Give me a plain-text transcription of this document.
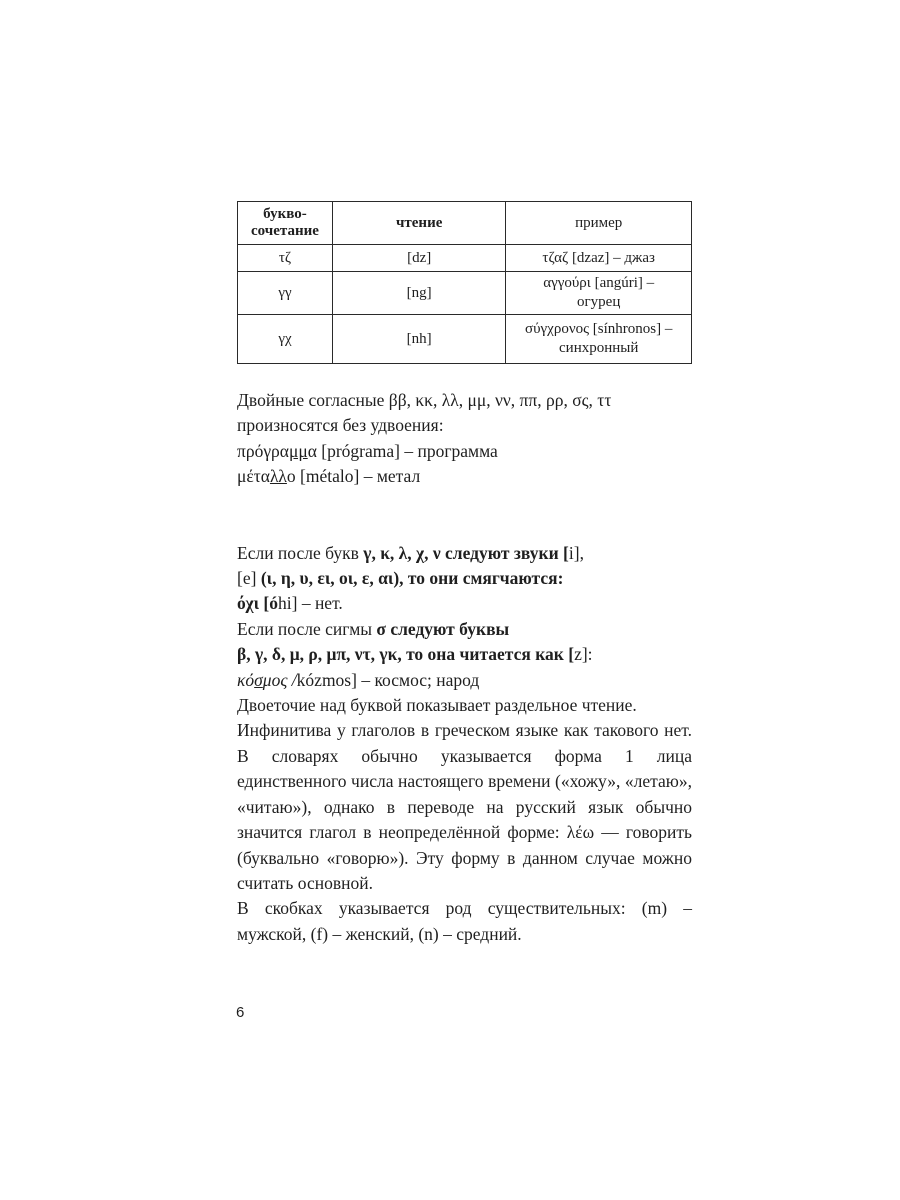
букво-
сочетание	чтение	пример
τζ	[dz]	τζαζ [dzaz] – джаз
γγ	[ng]	αγγούρι [angúri] –
огурец
γχ	[nh]	σύγχρονος [sínhronos] –
синхронный

Двойные согласные ββ, κκ, λλ, μμ, νν, ππ, ρρ, σς, ττ

произносятся без удвоения:

πρόγραμμα [prógrama] – программа

μέταλλο [métalo] – метал

Если после букв γ, κ, λ, χ, ν следуют звуки [i],

[e] (ι, η, υ, ει, οι, ε, αι), то они смягчаются:

όχι [óhi] – нет.

Если после сигмы σ следуют буквы

β, γ, δ, μ, ρ, μπ, ντ, γκ, то она читается как [z]:

κόσμος /kózmos] – космос; народ

Двоеточие над буквой показывает раздельное чтение.

Инфинитива у глаголов в греческом языке как такового нет. В словарях обычно указывается форма 1 лица единственного числа настоящего времени («хожу», «летаю», «читаю»), однако в переводе на русский язык обычно значится глагол в неопределённой форме: λέω — говорить (буквально «говорю»). Эту форму в данном случае можно считать основной.

В скобках указывается род существительных: (m) – мужской, (f) – женский, (n) – средний.

6
